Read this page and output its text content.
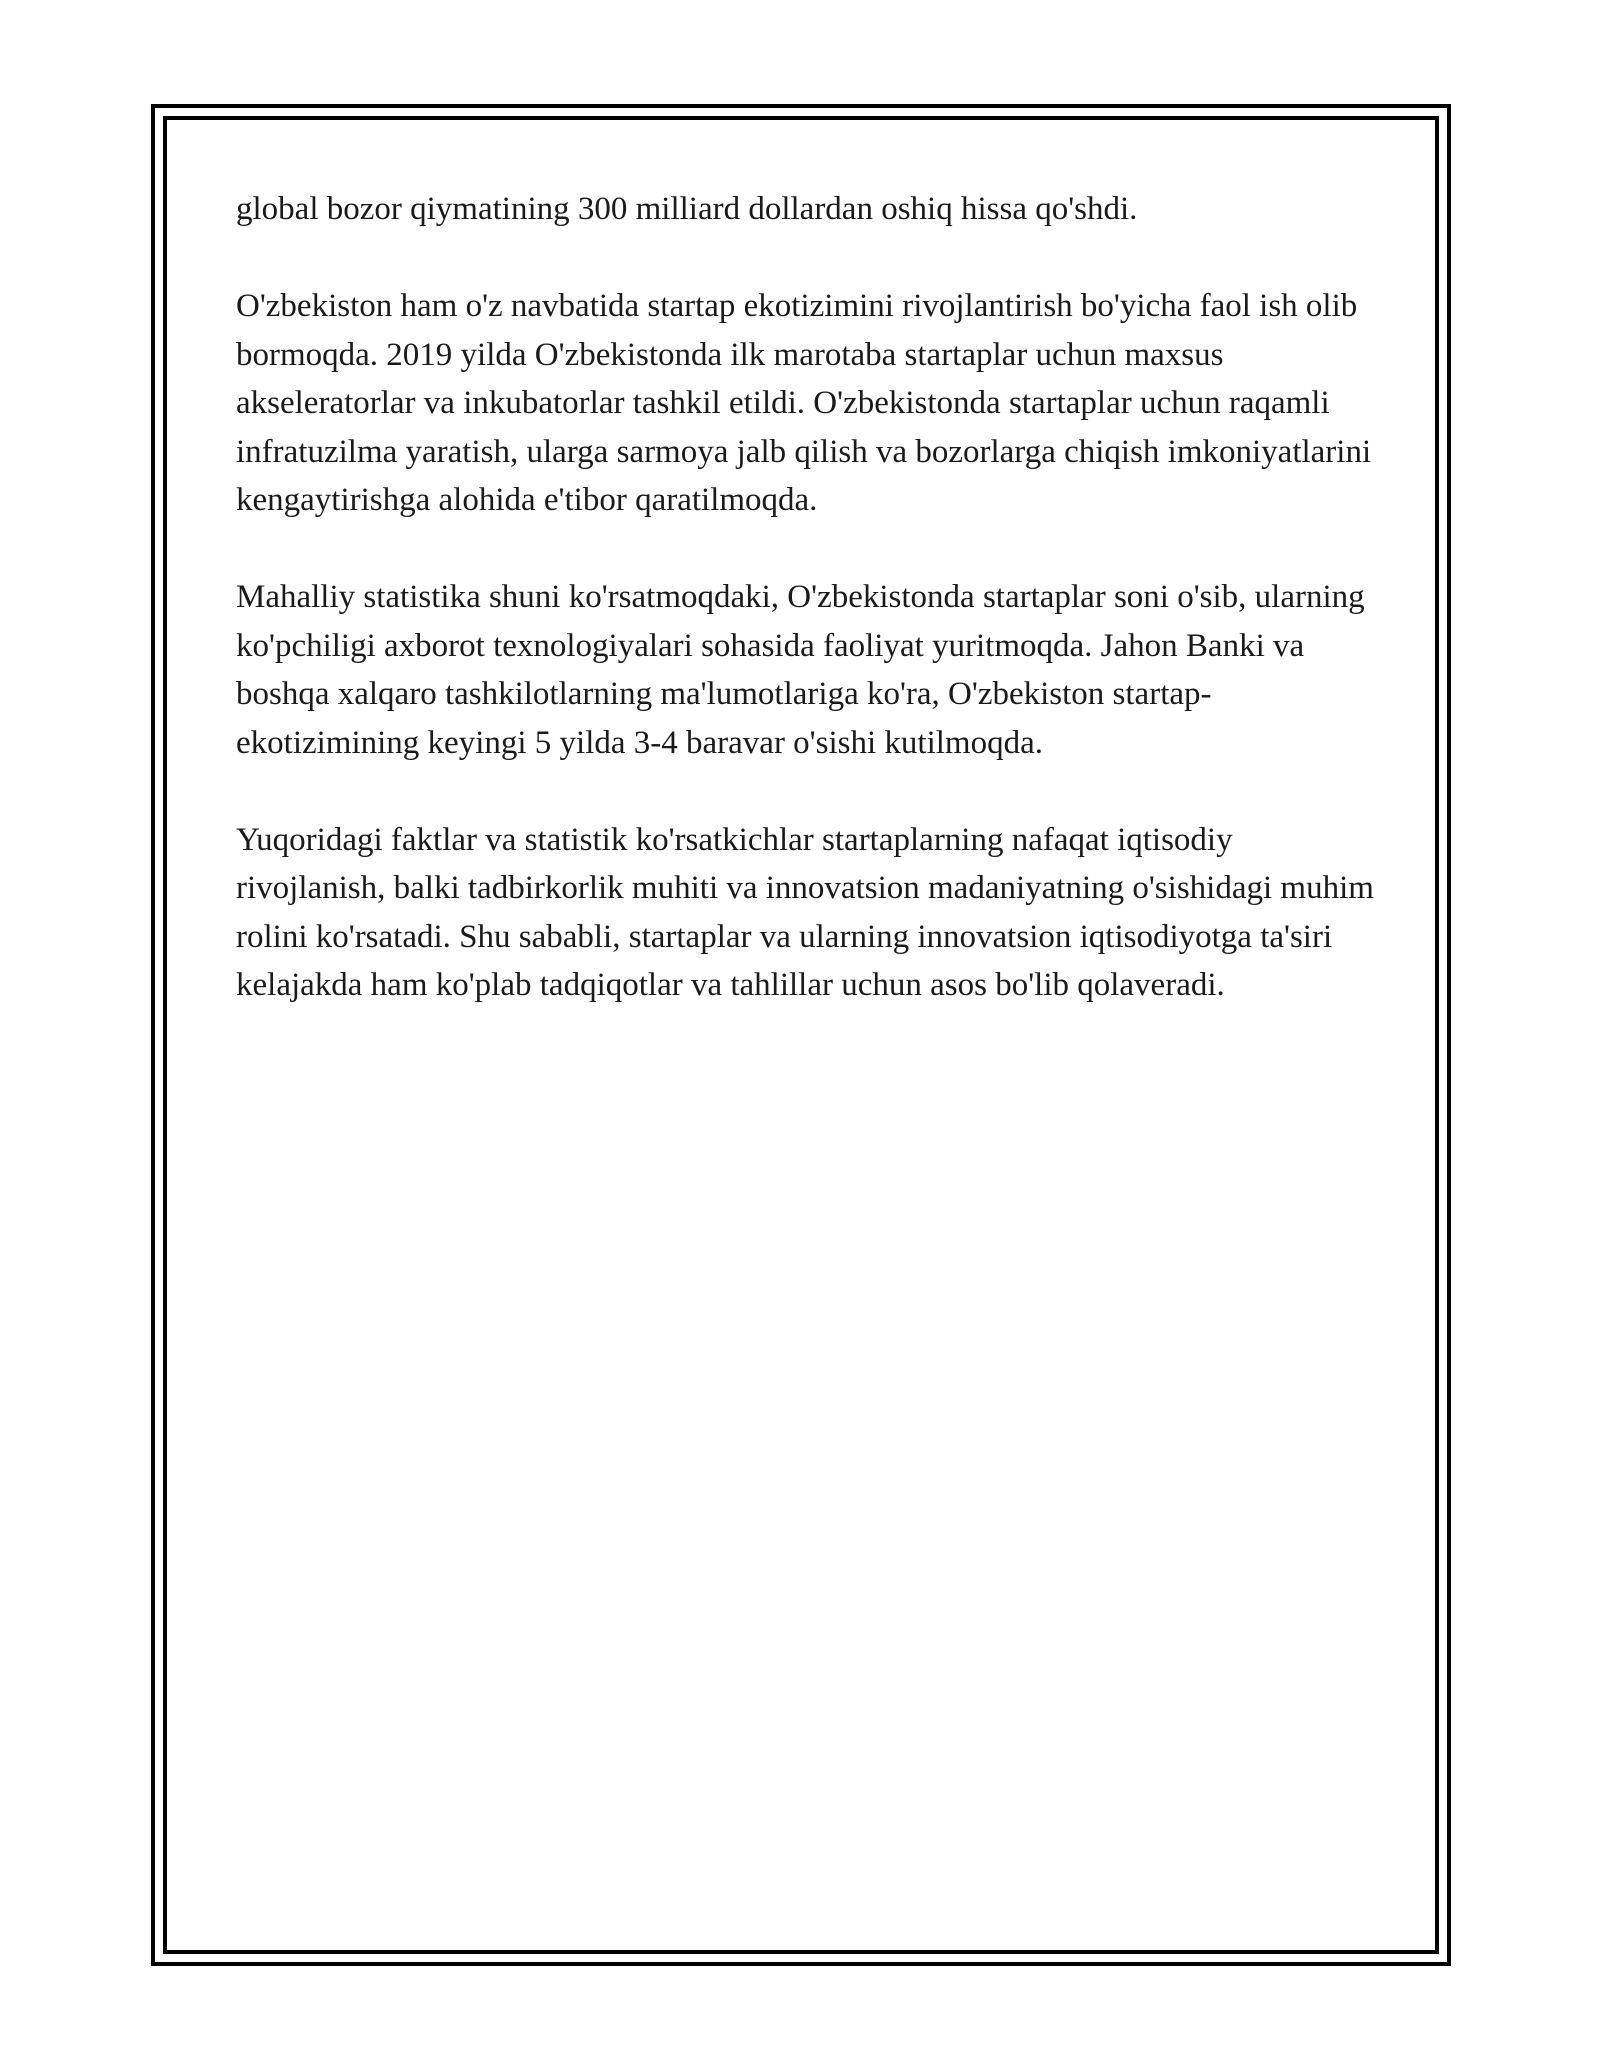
global bozor qiymatining 300 milliard dollardan oshiq hissa qo'shdi.

O'zbekiston ham o'z navbatida startap ekotizimini rivojlantirish bo'yicha faol ish olib bormoqda. 2019 yilda O'zbekistonda ilk marotaba startaplar uchun maxsus akseleratorlar va inkubatorlar tashkil etildi. O'zbekistonda startaplar uchun raqamli infratuzilma yaratish, ularga sarmoya jalb qilish va bozorlarga chiqish imkoniyatlarini kengaytirishga alohida e'tibor qaratilmoqda.

Mahalliy statistika shuni ko'rsatmoqdaki, O'zbekistonda startaplar soni o'sib, ularning ko'pchiligi axborot texnologiyalari sohasida faoliyat yuritmoqda. Jahon Banki va boshqa xalqaro tashkilotlarning ma'lumotlariga ko'ra, O'zbekiston startap-ekotizimining keyingi 5 yilda 3-4 baravar o'sishi kutilmoqda.

Yuqoridagi faktlar va statistik ko'rsatkichlar startaplarning nafaqat iqtisodiy rivojlanish, balki tadbirkorlik muhiti va innovatsion madaniyatning o'sishidagi muhim rolini ko'rsatadi. Shu sababli, startaplar va ularning innovatsion iqtisodiyotga ta'siri kelajakda ham ko'plab tadqiqotlar va tahlillar uchun asos bo'lib qolaveradi.
